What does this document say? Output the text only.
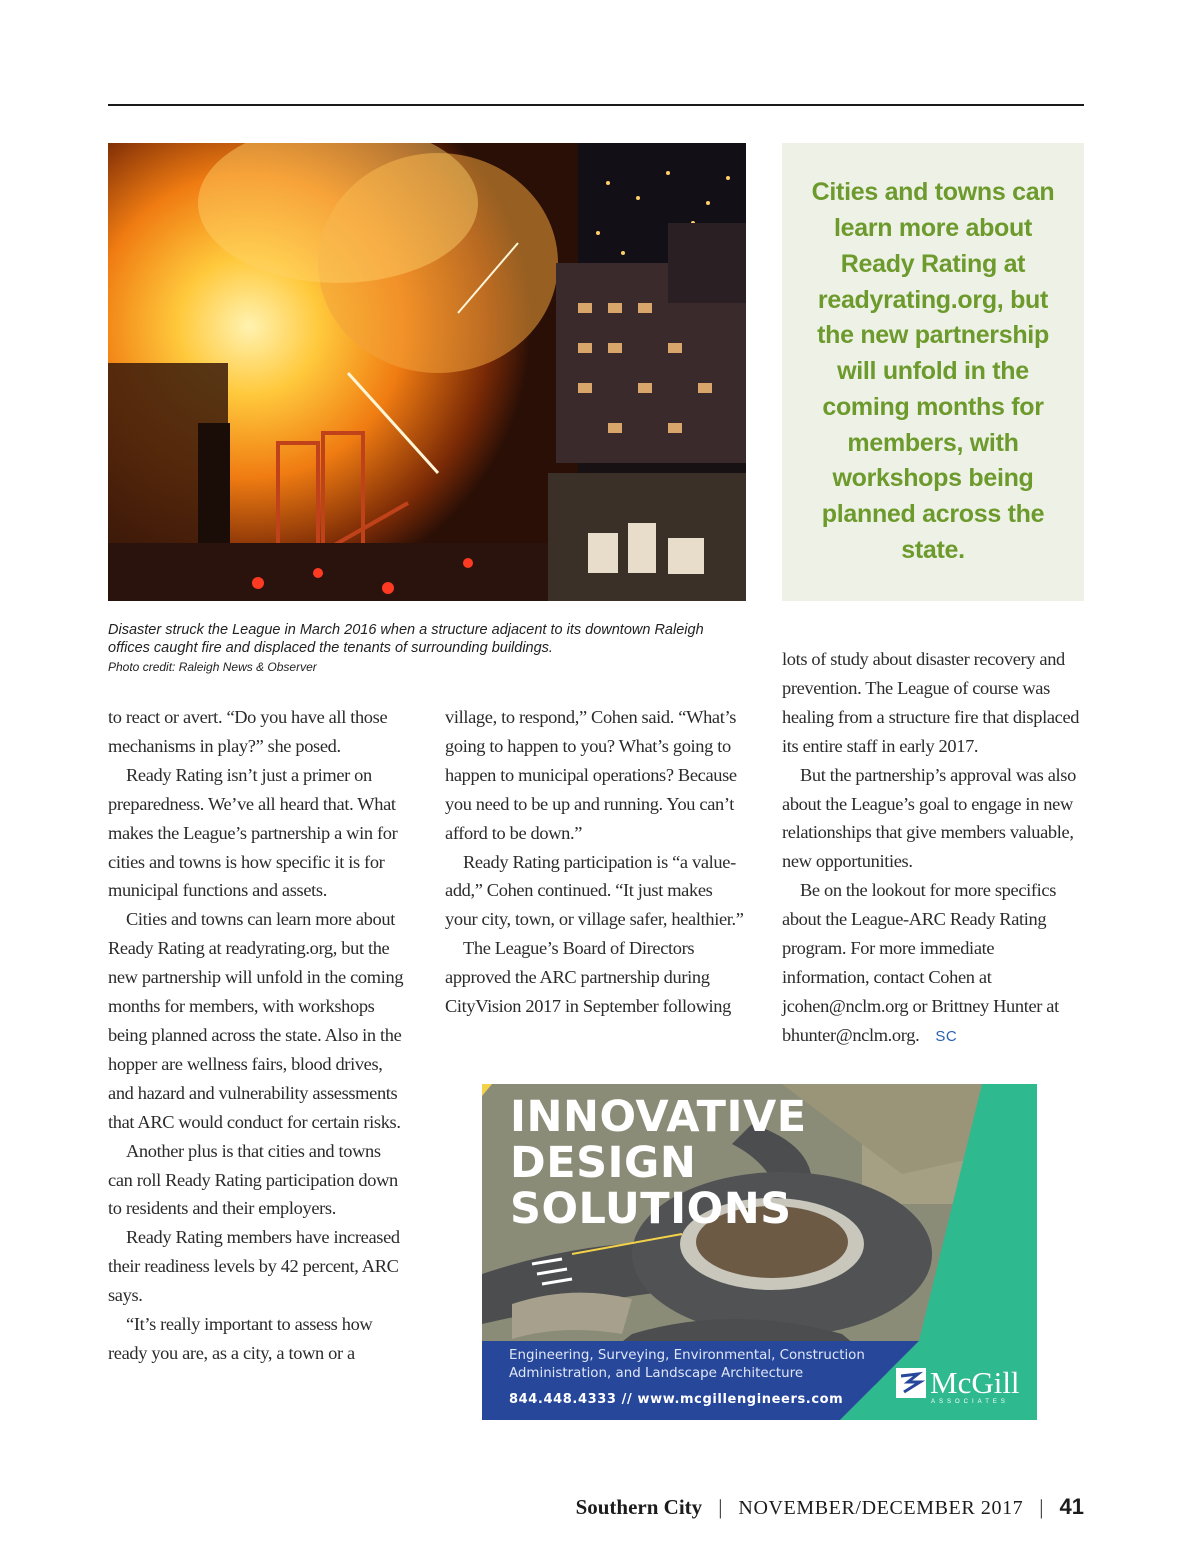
Cities and towns can learn more about Ready Rating at readyrating.org, but the new partnership will unfold in the coming months for members, with workshops being planned across the state.
Disaster struck the League in March 2016 when a structure adjacent to its downtown Raleigh offices caught fire and displaced the tenants of surrounding buildings.
Photo credit: Raleigh News & Observer

to react or avert. “Do you have all those mechanisms in play?” she posed.

Ready Rating isn’t just a primer on preparedness. We’ve all heard that. What makes the League’s partnership a win for cities and towns is how specific it is for municipal functions and assets.

Cities and towns can learn more about Ready Rating at readyrating.org, but the new partnership will unfold in the coming months for members, with workshops being planned across the state. Also in the hopper are wellness fairs, blood drives, and hazard and vulnerability assessments that ARC would conduct for certain risks.

Another plus is that cities and towns can roll Ready Rating participation down to residents and their employers.

Ready Rating members have increased their readiness levels by 42 percent, ARC says.

“It’s really important to assess how ready you are, as a city, a town or a

village, to respond,” Cohen said. “What’s going to happen to you? What’s going to happen to municipal operations? Because you need to be up and running. You can’t afford to be down.”

Ready Rating participation is “a value-add,” Cohen continued. “It just makes your city, town, or village safer, healthier.”

The League’s Board of Directors approved the ARC partnership during CityVision 2017 in September following

lots of study about disaster recovery and prevention. The League of course was healing from a structure fire that displaced its entire staff in early 2017.

But the partnership’s approval was also about the League’s goal to engage in new relationships that give members valuable, new opportunities.

Be on the lookout for more specifics about the League-ARC Ready Rating program. For more immediate information, contact Cohen at jcohen@nclm.org or Brittney Hunter at bhunter@nclm.org. SC

INNOVATIVE
DESIGN
SOLUTIONS
Engineering, Surveying, Environmental, Construction
Administration, and Landscape Architecture
844.448.4333 // www.mcgillengineers.com	McGill
ASSOCIATES
Southern City | NOVEMBER/DECEMBER 2017 | 41
